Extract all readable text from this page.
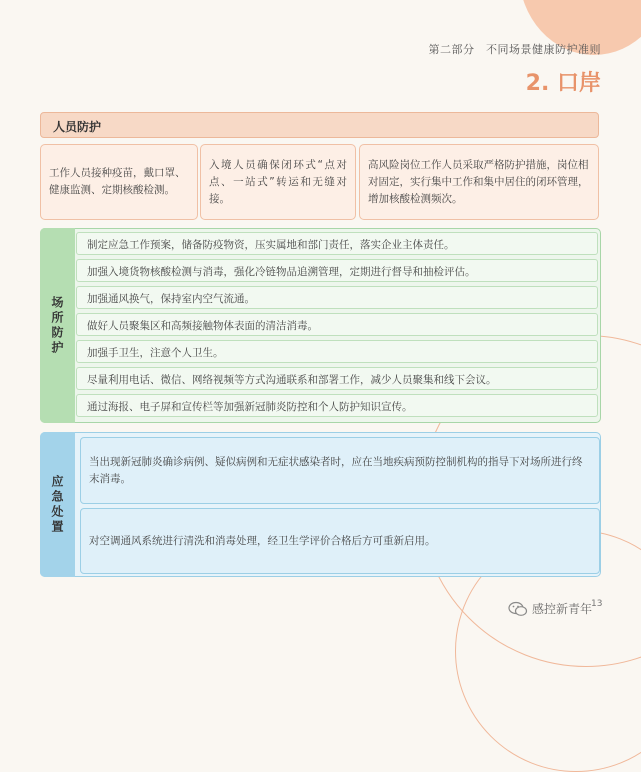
第二部分　不同场景健康防护准则
2. 口岸
人员防护
工作人员接种疫苗，戴口罩、健康监测、定期核酸检测。
入境人员确保闭环式“点对点、一站式”转运和无缝对接。
高风险岗位工作人员采取严格防护措施，岗位相对固定，实行集中工作和集中居住的闭环管理，增加核酸检测频次。
场所防护
制定应急工作预案，储备防疫物资，压实属地和部门责任，落实企业主体责任。
加强入境货物核酸检测与消毒，强化冷链物品追溯管理，定期进行督导和抽检评估。
加强通风换气，保持室内空气流通。
做好人员聚集区和高频接触物体表面的清洁消毒。
加强手卫生，注意个人卫生。
尽量利用电话、微信、网络视频等方式沟通联系和部署工作，减少人员聚集和线下会议。
通过海报、电子屏和宣传栏等加强新冠肺炎防控和个人防护知识宣传。
应急处置
当出现新冠肺炎确诊病例、疑似病例和无症状感染者时，应在当地疾病预防控制机构的指导下对场所进行终末消毒。
对空调通风系统进行清洗和消毒处理，经卫生学评价合格后方可重新启用。
感控新青年
13
